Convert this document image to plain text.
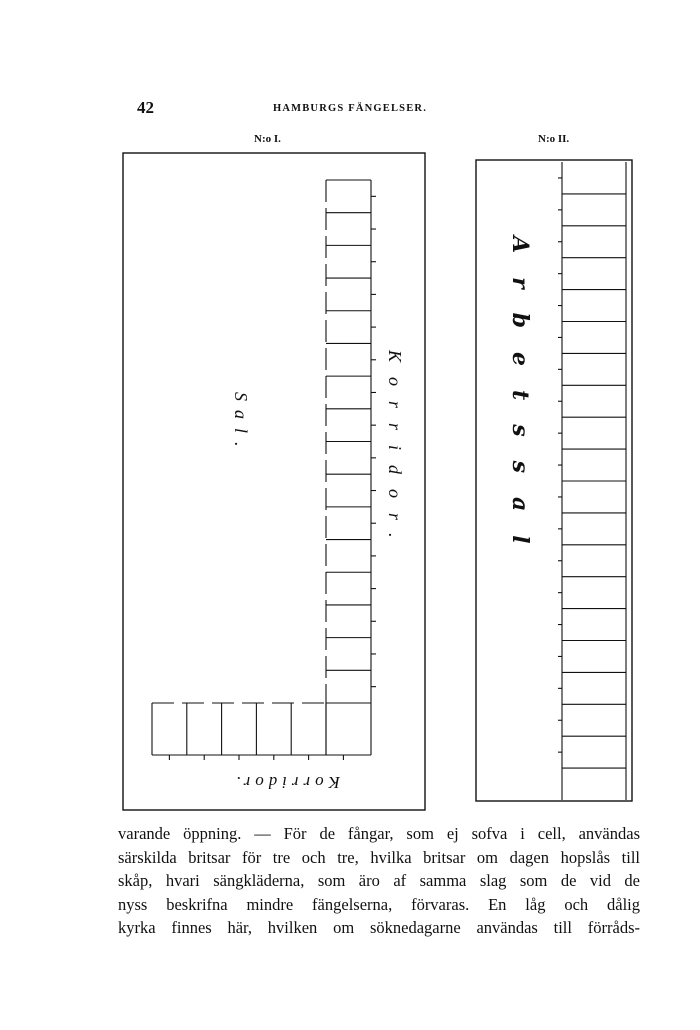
42	HAMBURGS FÄNGELSER.
N:o I.	N:o II.
Korridor.
Sal.
Korridor.
Arbetssal
varande öppning. — För de fångar, som ej sofva i cell, användas
särskilda britsar för tre och tre, hvilka britsar om dagen hopslås till
skåp, hvari sängkläderna, som äro af samma slag som de vid de
nyss beskrifna mindre fängelserna, förvaras. En låg och dålig
kyrka finnes här, hvilken om söknedagarne användas till förråds-
